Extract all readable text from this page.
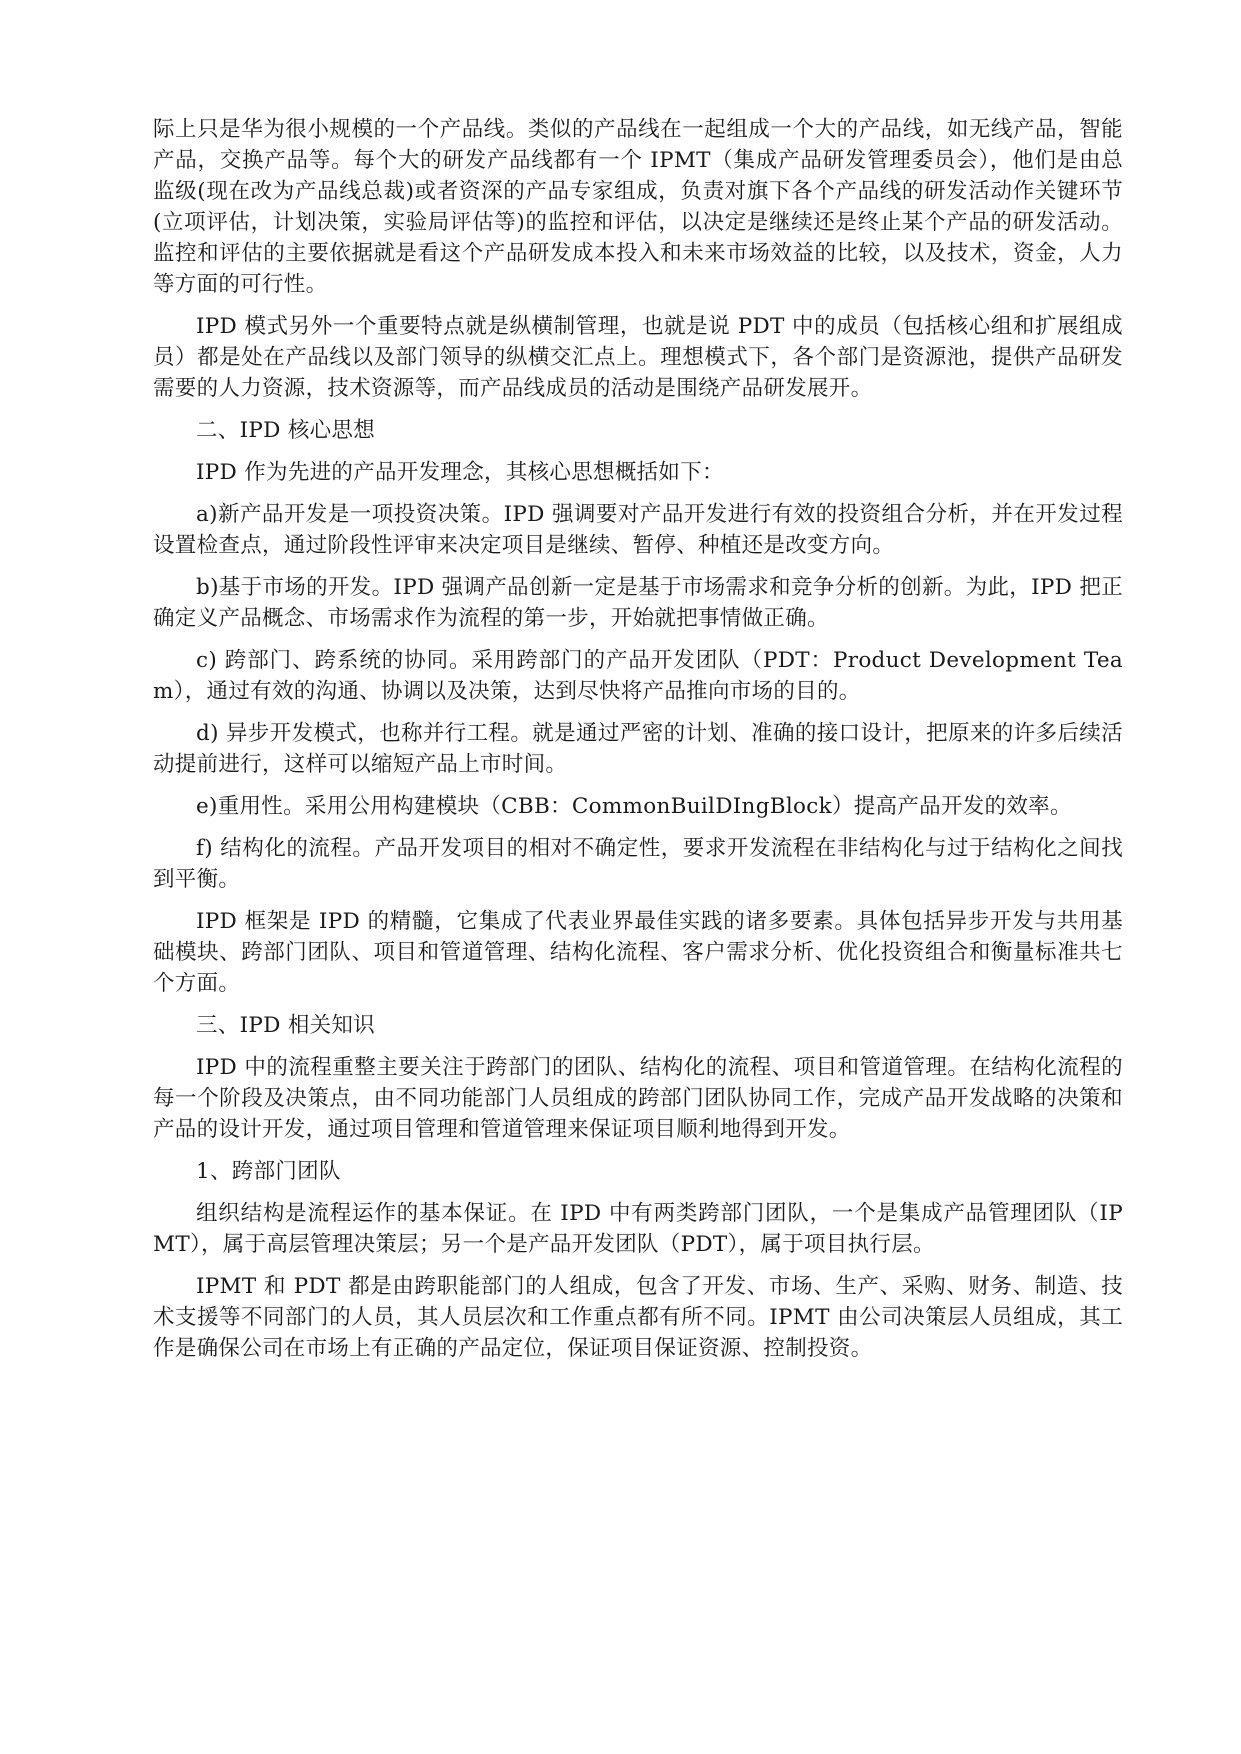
际上只是华为很小规模的一个产品线。类似的产品线在一起组成一个大的产品线，如无线产品，智能产品，交换产品等。每个大的研发产品线都有一个 IPMT（集成产品研发管理委员会），他们是由总监级(现在改为产品线总裁)或者资深的产品专家组成，负责对旗下各个产品线的研发活动作关键环节(立项评估，计划决策，实验局评估等)的监控和评估，以决定是继续还是终止某个产品的研发活动。监控和评估的主要依据就是看这个产品研发成本投入和未来市场效益的比较，以及技术，资金，人力等方面的可行性。

IPD 模式另外一个重要特点就是纵横制管理，也就是说 PDT 中的成员（包括核心组和扩展组成员）都是处在产品线以及部门领导的纵横交汇点上。理想模式下，各个部门是资源池，提供产品研发需要的人力资源，技术资源等，而产品线成员的活动是围绕产品研发展开。

二、IPD 核心思想

IPD 作为先进的产品开发理念，其核心思想概括如下：

a)新产品开发是一项投资决策。IPD 强调要对产品开发进行有效的投资组合分析，并在开发过程设置检查点，通过阶段性评审来决定项目是继续、暂停、种植还是改变方向。

b)基于市场的开发。IPD 强调产品创新一定是基于市场需求和竞争分析的创新。为此，IPD 把正确定义产品概念、市场需求作为流程的第一步，开始就把事情做正确。

c) 跨部门、跨系统的协同。采用跨部门的产品开发团队（PDT：Product Development Team），通过有效的沟通、协调以及决策，达到尽快将产品推向市场的目的。

d) 异步开发模式，也称并行工程。就是通过严密的计划、准确的接口设计，把原来的许多后续活动提前进行，这样可以缩短产品上市时间。

e)重用性。采用公用构建模块（CBB：CommonBuilDIngBlock）提高产品开发的效率。

f) 结构化的流程。产品开发项目的相对不确定性，要求开发流程在非结构化与过于结构化之间找到平衡。

IPD 框架是 IPD 的精髓，它集成了代表业界最佳实践的诸多要素。具体包括异步开发与共用基础模块、跨部门团队、项目和管道管理、结构化流程、客户需求分析、优化投资组合和衡量标准共七个方面。

三、IPD 相关知识

IPD 中的流程重整主要关注于跨部门的团队、结构化的流程、项目和管道管理。在结构化流程的每一个阶段及决策点，由不同功能部门人员组成的跨部门团队协同工作，完成产品开发战略的决策和产品的设计开发，通过项目管理和管道管理来保证项目顺利地得到开发。

1、跨部门团队

组织结构是流程运作的基本保证。在 IPD 中有两类跨部门团队，一个是集成产品管理团队（IPMT），属于高层管理决策层；另一个是产品开发团队（PDT），属于项目执行层。

IPMT 和 PDT 都是由跨职能部门的人组成，包含了开发、市场、生产、采购、财务、制造、技术支援等不同部门的人员，其人员层次和工作重点都有所不同。IPMT 由公司决策层人员组成，其工作是确保公司在市场上有正确的产品定位，保证项目保证资源、控制投资。
